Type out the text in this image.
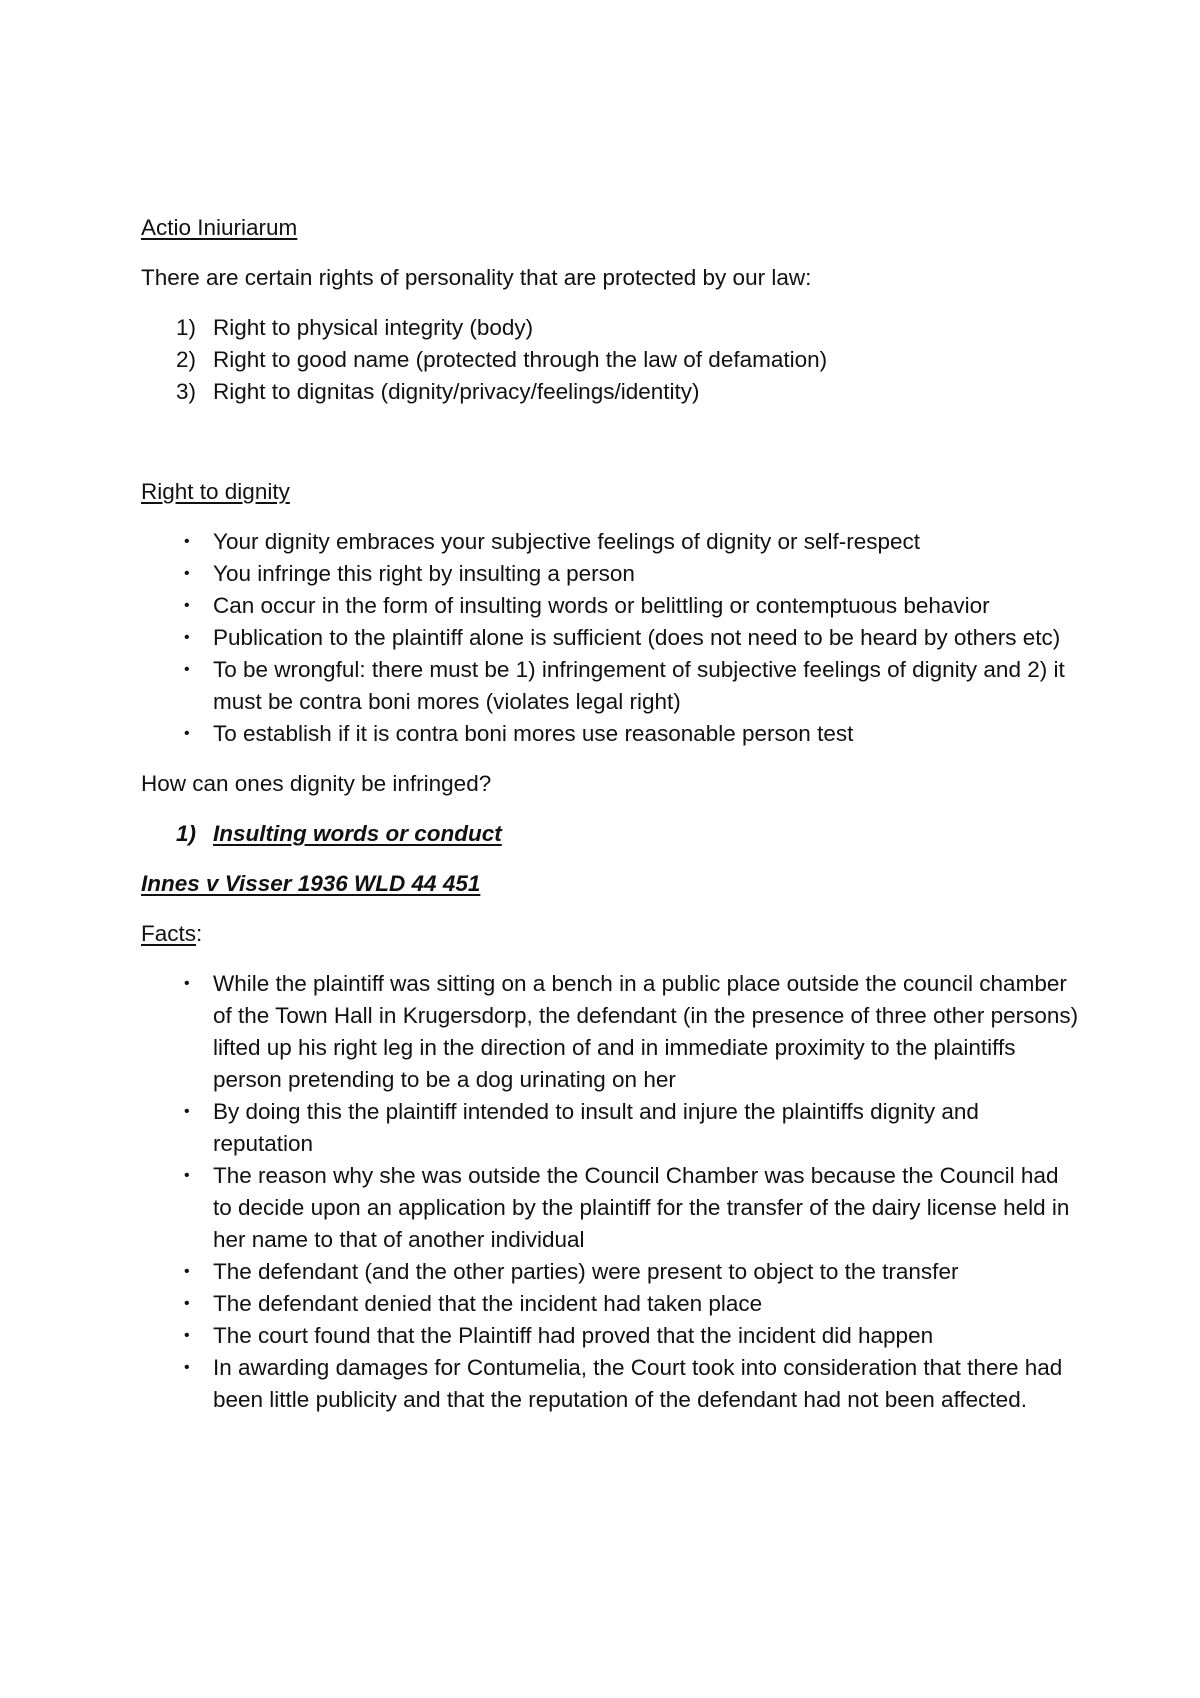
Actio Iniuriarum

There are certain rights of personality that are protected by our law:

1) Right to physical integrity (body)
2) Right to good name (protected through the law of defamation)
3) Right to dignitas (dignity/privacy/feelings/identity)

Right to dignity

• Your dignity embraces your subjective feelings of dignity or self-respect
• You infringe this right by insulting a person
• Can occur in the form of insulting words or belittling or contemptuous behavior
• Publication to the plaintiff alone is sufficient (does not need to be heard by others etc)
• To be wrongful: there must be 1) infringement of subjective feelings of dignity and 2) it must be contra boni mores (violates legal right)
• To establish if it is contra boni mores use reasonable person test

How can ones dignity be infringed?

1) Insulting words or conduct

Innes v Visser 1936 WLD 44 451

Facts:

• While the plaintiff was sitting on a bench in a public place outside the council chamber of the Town Hall in Krugersdorp, the defendant (in the presence of three other persons) lifted up his right leg in the direction of and in immediate proximity to the plaintiffs person pretending to be a dog urinating on her
• By doing this the plaintiff intended to insult and injure the plaintiffs dignity and reputation
• The reason why she was outside the Council Chamber was because the Council had to decide upon an application by the plaintiff for the transfer of the dairy license held in her name to that of another individual
• The defendant (and the other parties) were present to object to the transfer
• The defendant denied that the incident had taken place
• The court found that the Plaintiff had proved that the incident did happen
• In awarding damages for Contumelia, the Court took into consideration that there had been little publicity and that the reputation of the defendant had not been affected.
